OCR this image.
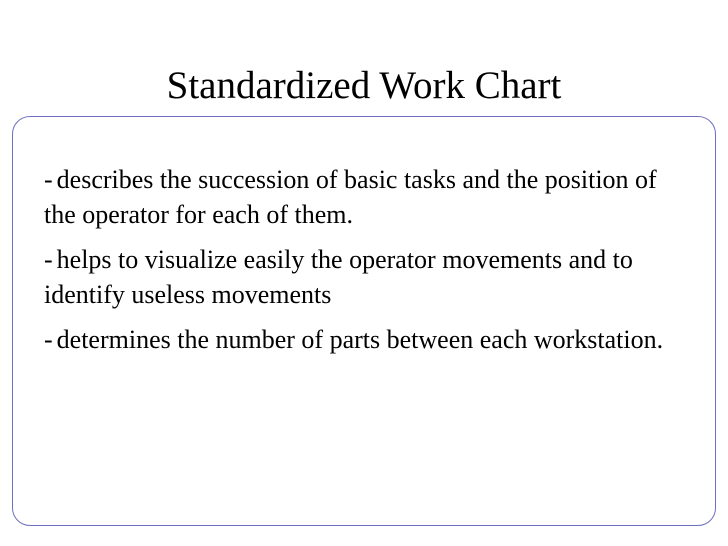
Standardized Work Chart
- describes the succession of basic tasks and the position of the operator for each of them.
- helps to visualize easily the operator movements and to identify useless movements
- determines the number of parts between each workstation.
